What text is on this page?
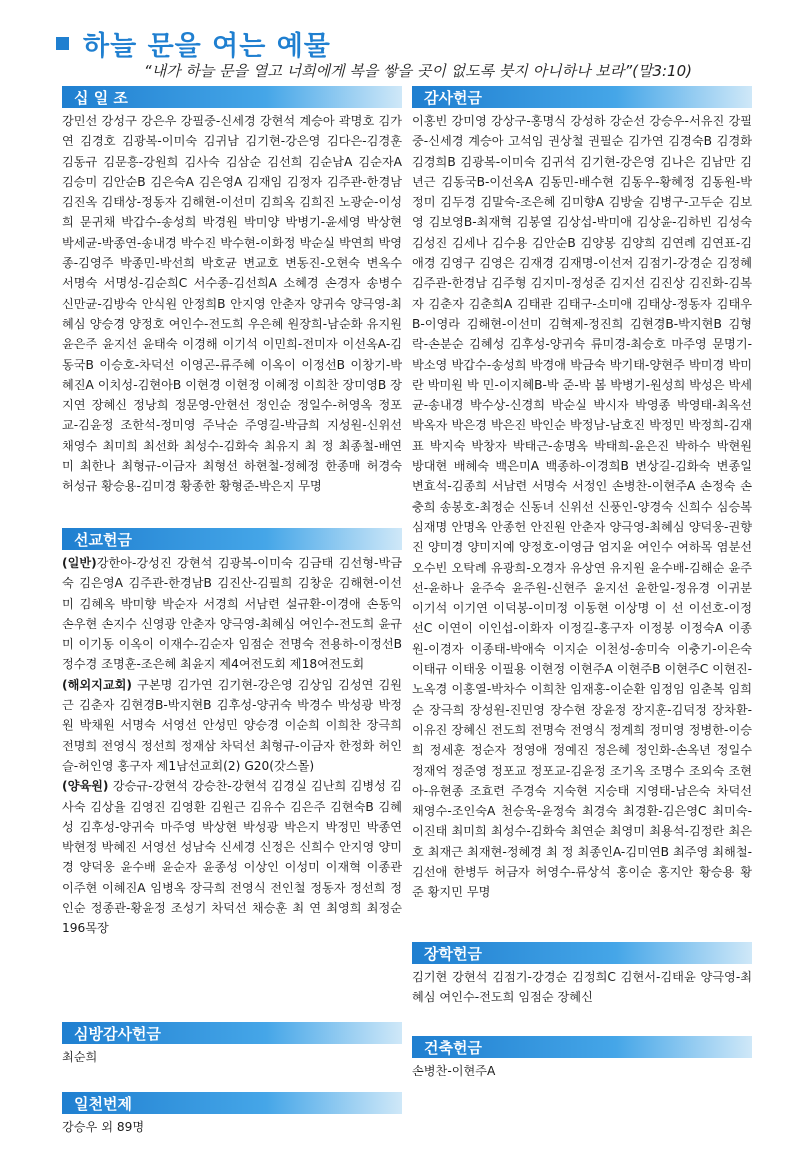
하늘 문을 여는 예물
“내가 하늘 문을 열고 너희에게 복을 쌓을 곳이 없도록 붓지 아니하나 보라”(말3:10)
십 일 조
강민선 강성구 강은우 강필중-신세경 강현석 계승아 곽명호 김가연 김경호 김광복-이미숙 김귀남 김기현-강은영 김다은-김경훈 김동규 김문흥-강원희 김사숙 김삼순 김선희 김순남A 김순자A 김승미 김안순B 김은숙A 김은영A 김재임 김정자 김주관-한경남 김진옥 김태상-정동자 김해현-이선미 김희옥 김희진 노광순-이성희 문귀채 박갑수-송성희 박경원 박미양 박병기-윤세영 박상현 박세균-박종연-송내경 박수진 박수현-이화정 박순실 박연희 박영종-김영주 박종민-박선희 박호균 변교호 변동진-오현숙 변옥수 서명숙 서명성-김순희C 서수종-김선희A 소혜경 손경자 송병수 신만균-김방숙 안식원 안정희B 안지영 안춘자 양귀숙 양극영-최혜심 양승경 양정호 여인수-전도희 우은혜 원장희-남순화 유지원 윤은주 윤지선 윤태숙 이경해 이기석 이민희-전미자 이선옥A-김동국B 이승호-차덕선 이영곤-류주혜 이옥이 이정선B 이창기-박혜진A 이치성-김현아B 이현경 이현정 이혜정 이희찬 장미영B 장지연 장혜신 정낭희 정문영-안현선 정인순 정일수-허영옥 정포교-김윤정 조한석-정미영 주낙순 주영길-박금희 지성원-신위선 채영수 최미희 최선화 최성수-김화숙 최유지 최 정 최종철-배연미 최한나 최형규-이금자 최형선 하현철-정혜정 한종매 허경숙 허성규 황승용-김미경 황종한 황형준-박은지 무명
선교헌금
(일반)강한아-강성진 강현석 김광복-이미숙 김금태 김선형-박금숙 김은영A 김주관-한경남B 김진산-김필희 김창운 김해현-이선미 김혜옥 박미향 박순자 서경희 서남련 설규환-이경애 손동익 손우현 손지수 신영광 안춘자 양극영-최혜심 여인수-전도희 윤규미 이기동 이옥이 이재수-김순자 임점순 전명숙 전용하-이정선B 정수경 조명훈-조은혜 최윤지 제4여전도회 제18여전도회
(해외지교회) 구본명 김가연 김기현-강은영 김상임 김성연 김원근 김춘자 김현경B-박지현B 김후성-양귀숙 박경수 박성광 박정원 박채원 서명숙 서영선 안성민 양승경 이순희 이희찬 장극희 전명희 전영식 정선희 정재삼 차덕선 최형규-이금자 한정화 허인슬-허인영 홍구자 제1남선교회(2) G20(갓스몰)
(양육원) 강승규-강현석 강승찬-강현석 김경실 김난희 김병성 김사숙 김상율 김영진 김영환 김원근 김유수 김은주 김현숙B 김혜성 김후성-양귀숙 마주영 박상현 박성광 박은지 박정민 박종연 박현정 박혜진 서영선 성남숙 신세경 신정은 신희수 안지영 양미경 양덕웅 윤수배 윤순자 윤종성 이상인 이성미 이재혁 이종관 이주현 이혜진A 임병옥 장극희 전영식 전인철 정동자 정선희 정인순 정종관-황윤정 조성기 차덕선 채승훈 최 연 최영희 최정순 196목장
심방감사헌금
최순희
일천번제
강승우 외 89명
감사헌금
이홍빈 강미영 강상구-홍명식 강성하 강순선 강승우-서유진 강필중-신세경 계승아 고석임 권상철 권필순 김가연 김경숙B 김경화 김경희B 김광복-이미숙 김귀석 김기현-강은영 김나은 김남만 김년근 김동국B-이선옥A 김동민-배수현 김동우-황혜정 김동원-박정미 김두경 김말숙-조은혜 김미향A 김방술 김병구-고두순 김보영 김보영B-최재혁 김봉열 김상섭-박미애 김상윤-김하빈 김성숙 김성진 김세나 김수용 김안순B 김양봉 김양희 김연례 김연표-김애경 김영구 김영은 김재경 김재명-이선저 김점기-강경순 김정혜 김주관-한경남 김주형 김지미-정성준 김지선 김진상 김진화-김복자 김춘자 김춘희A 김태관 김태구-소미애 김태상-정동자 김태우B-이영라 김해현-이선미 김혁제-정진희 김현경B-박지현B 김형락-손분순 김혜성 김후성-양귀숙 류미경-최승호 마주영 문명기-박소영 박갑수-송성희 박경애 박금숙 박기태-양현주 박미경 박미란 박미원 박 민-이지혜B-박 준-박 봄 박병기-원성희 박성은 박세균-송내경 박수상-신경희 박순실 박시자 박영종 박영태-최옥선 박옥자 박은경 박은진 박인순 박정남-남호진 박정민 박정희-김재표 박지숙 박창자 박태근-송명옥 박태희-윤은진 박하수 박현원 방대현 배혜숙 백은미A 백종하-이경희B 변상길-김화숙 변종일 변효석-김종희 서남련 서명숙 서정인 손병찬-이현주A 손정숙 손충희 송봉호-최정순 신동녀 신위선 신풍인-양경숙 신희수 심승복 심재명 안명옥 안종헌 안진원 안춘자 양극영-최혜심 양덕웅-권향진 양미경 양미지예 양정호-이영금 엄지윤 여인수 여하목 염분선 오수빈 오탁례 유광희-오경자 유상연 유지원 윤수배-김해순 윤주선-윤하나 윤주숙 윤주원-신현주 윤지선 윤한일-정유경 이귀분 이기석 이기연 이덕봉-이미정 이동현 이상명 이 선 이선호-이정선C 이연이 이인섭-이화자 이정길-홍구자 이정봉 이정숙A 이종원-이경자 이종태-박애숙 이지순 이천성-송미숙 이충기-이은숙 이태규 이태웅 이필용 이현정 이현주A 이현주B 이현주C 이현진-노옥경 이홍열-박차수 이희찬 임재홍-이순환 임정임 임춘복 임희순 장극희 장성원-진민영 장수현 장윤정 장지훈-김덕정 장차환-이유진 장혜신 전도희 전명숙 전영식 정계희 정미영 정병한-이승희 정세훈 정순자 정영애 정예진 정은혜 정인화-손옥년 정일수 정재억 정준영 정포교 정포교-김윤정 조기옥 조명수 조외숙 조현아-유현종 조효련 주경숙 지숙현 지승태 지영태-남은숙 차덕선 채영수-조인숙A 천승욱-윤정숙 최경숙 최경환-김은영C 최미숙-이진태 최미희 최성수-김화숙 최연순 최영미 최용석-김정란 최은호 최재근 최재현-정혜경 최 정 최종인A-김미연B 최주영 최해철-김선애 한병두 허금자 허영수-류상석 홍이순 홍지안 황승용 황 준 황지민 무명
장학헌금
김기현 강현석 김점기-강경순 김정희C 김현서-김태윤 양극영-최혜심 여인수-전도희 임점순 장혜신
건축헌금
손병찬-이현주A
